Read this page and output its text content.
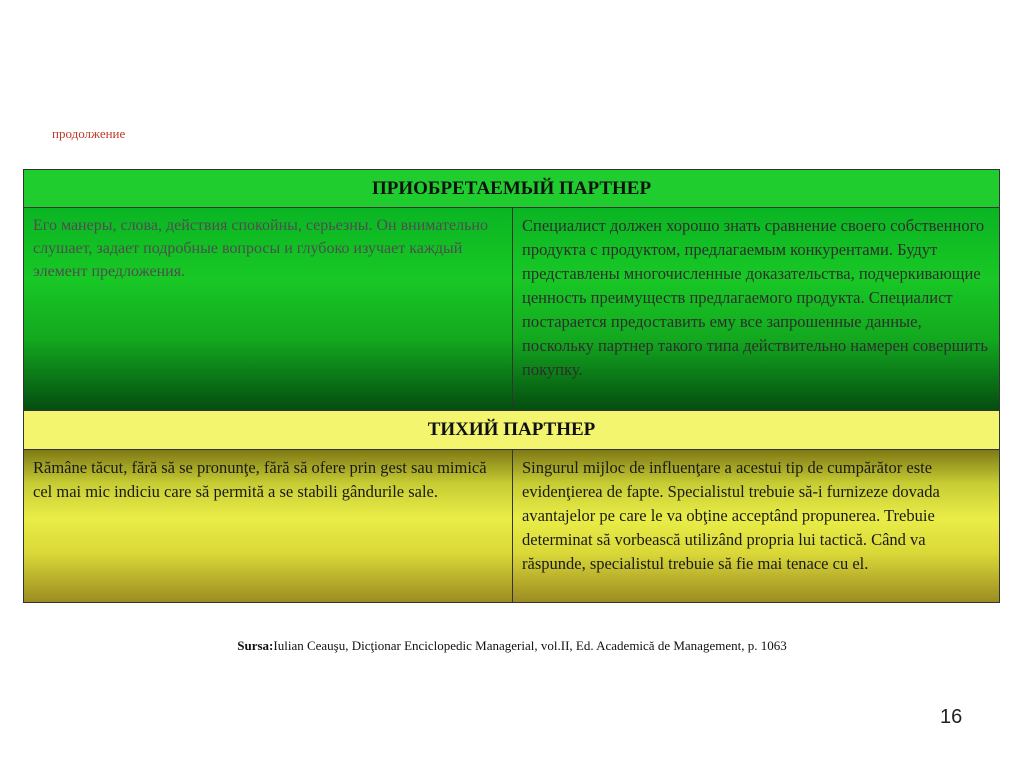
продолжение
ПРИОБРЕТАЕМЫЙ ПАРТНЕР
Его манеры, слова, действия спокойны, серьезны. Он внимательно слушает, задает подробные вопросы и глубоко изучает каждый элемент предложения.
Специалист должен хорошо знать сравнение своего собственного продукта с продуктом, предлагаемым конкурентами. Будут представлены многочисленные доказательства, подчеркивающие ценность преимуществ предлагаемого продукта. Специалист постарается предоставить ему все запрошенные данные, поскольку партнер такого типа действительно намерен совершить покупку.
ТИХИЙ ПАРТНЕР
Rămâne tăcut, fără să se pronunţe, fără să ofere prin gest sau mimică cel mai mic indiciu care să permită a se stabili gândurile sale.
Singurul mijloc de influenţare a acestui tip de cumpărător este evidenţierea de fapte. Specialistul trebuie să-i furnizeze dovada avantajelor pe care le va obţine acceptând propunerea. Trebuie determinat să vorbească utilizând propria lui tactică. Când va răspunde, specialistul trebuie să fie mai tenace cu el.
Sursa:Iulian Ceauşu, Dicţionar Enciclopedic Managerial, vol.II, Ed. Academică de Management, p. 1063
16
